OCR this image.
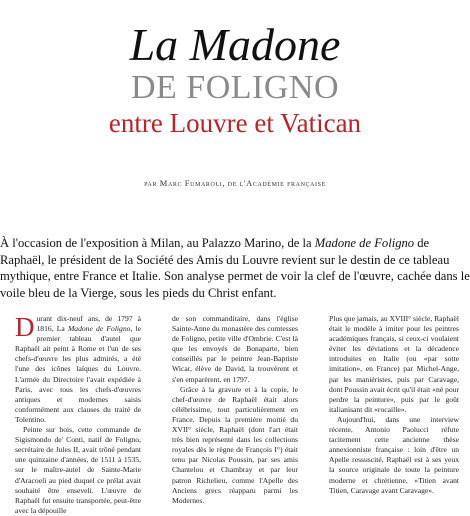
La Madone
DE FOLIGNO
entre Louvre et Vatican
par Marc Fumaroli, de l'Académie française
À l'occasion de l'exposition à Milan, au Palazzo Marino, de la Madone de Foligno de Raphaël, le président de la Société des Amis du Louvre revient sur le destin de ce tableau mythique, entre France et Italie. Son analyse permet de voir la clef de l'œuvre, cachée dans le voile bleu de la Vierge, sous les pieds du Christ enfant.

Durant dix-neuf ans, de 1797 à 1816, La Madone de Foligno, le premier tableau d'autel que Raphaël ait peint à Rome et l'un de ses chefs-d'œuvre les plus admirés, a été l'une des icônes laïques du Louvre. L'armée du Directoire l'avait expédiée à Paris, avec tous les chefs-d'œuvres antiques et modernes saisis conformément aux clauses du traité de Tolentino.

Peinte sur bois, cette commande de Sigismondo de' Conti, natif de Foligno, secrétaire de Jules II, avait trôné pendant une quinzaine d'années, de 1511 à 1535, sur le maître-autel de Sainte-Marie d'Aracoeli au pied duquel ce prélat avait souhaité être enseveli. L'œuvre de Raphaël fut ensuite transportée, peut-être avec la dépouille

de son commanditaire, dans l'église Sainte-Anne du monastère des comtesses de Foligno, petite ville d'Ombrie. C'est là que les envoyés de Bonaparte, bien conseillés par le peintre Jean-Baptiste Wicar, élève de David, la trouvèrent et s'en emparèrent, en 1797.

Grâce à la gravure et à la copie, le chef-d'œuvre de Raphaël était alors célébrissime, tout particulièrement en France. Depuis la première moitié du XVII° siècle, Raphaël (dont l'art était très bien représenté dans les collections royales dès le règne de François I°) était tenu par Nicolas Poussin, par ses amis Chantelou et Chambray et par leur patron Richelieu, comme l'Apelle des Anciens grecs réapparu parmi les Modernes.

Plus que jamais, au XVIII° siècle, Raphaël était le modèle à imiter pour les peintres académiques français, si ceux-ci voulaient éviter les déviations et la décadence introduites en Italie (ou «par sotte imitation», en France) par Michel-Ange, par les maniéristes, puis par Caravage, dont Poussin avait écrit qu'il était «né pour perdre la peinture», puis par le goût italianisant dit «rocaille».

Aujourd'hui, dans une interview récente, Antonio Paolucci réfute tacitement cette ancienne thèse annexionniste française : loin d'être un Apelle ressuscité, Raphaël est à ses yeux la source originale de toute la peinture moderne et chrétienne, «Titien avant Titien, Caravage avant Caravage».
